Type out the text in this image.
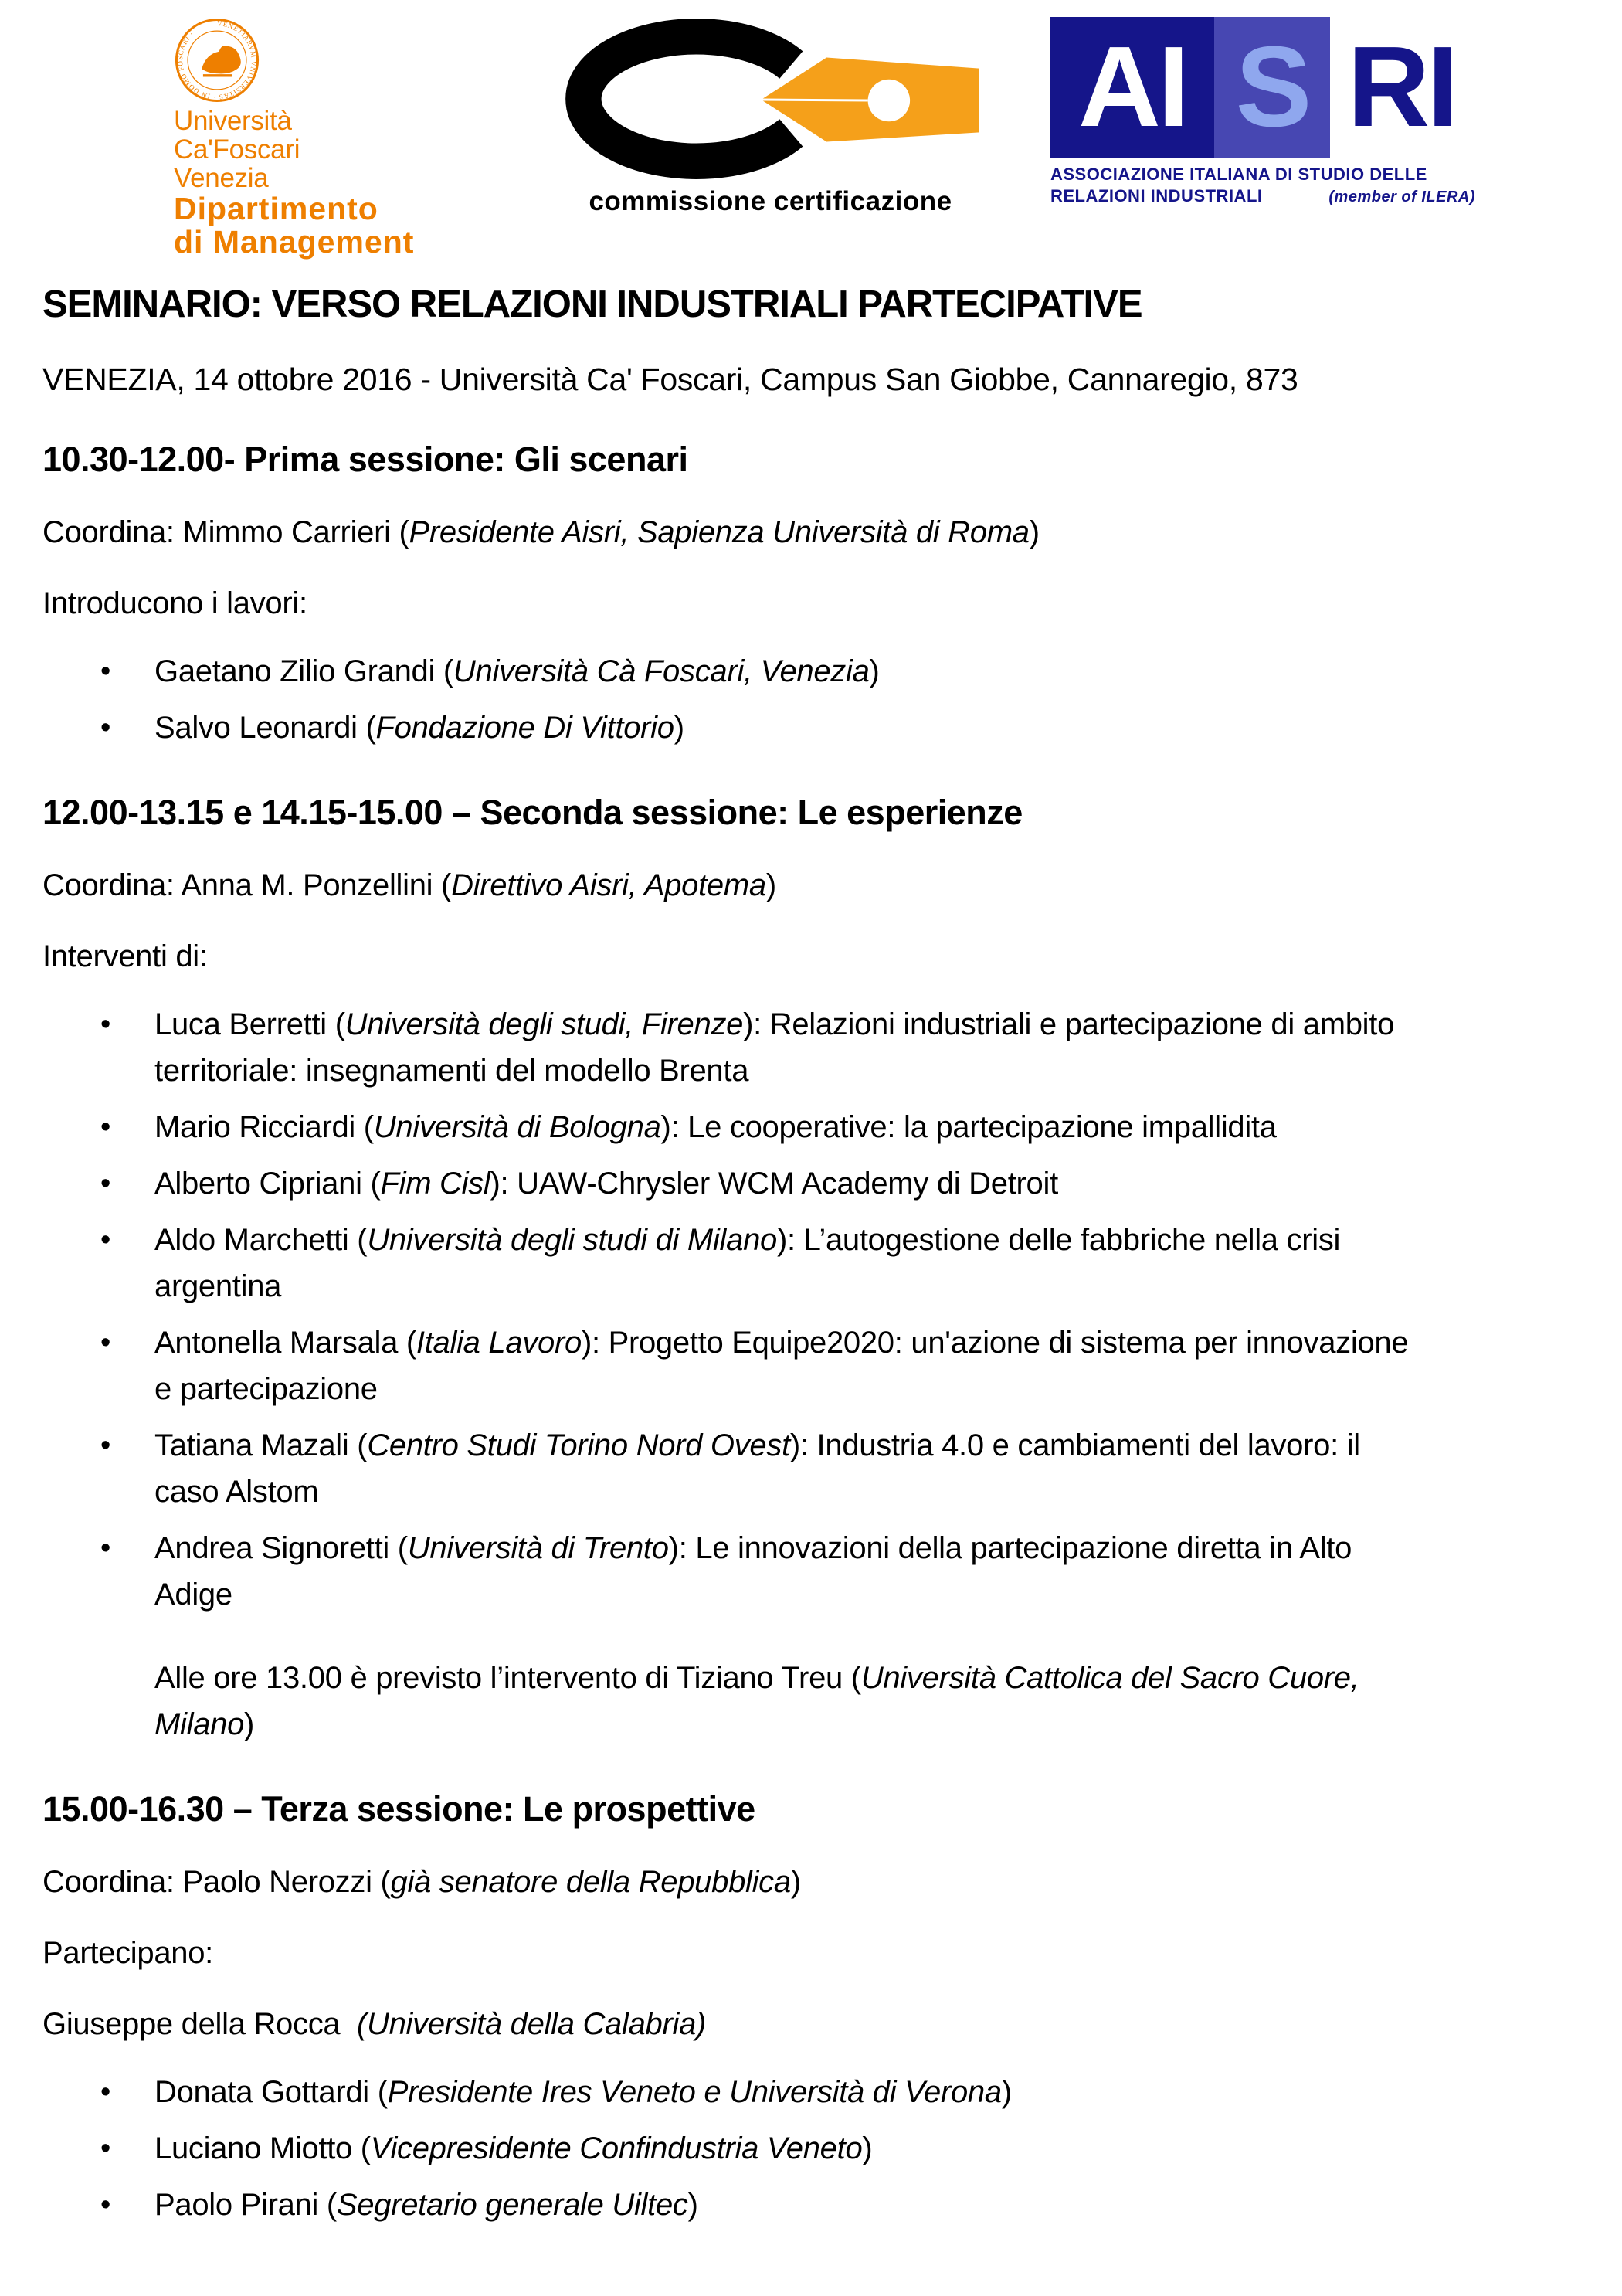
VENETIARVM VNIVERSITAS · IN DOMO FOSCARI ·
Università
Ca'Foscari
Venezia
Dipartimento
di Management
commissione certificazione
AI S RI
ASSOCIAZIONE ITALIANA DI STUDIO DELLE
RELAZIONI INDUSTRIALI	(member of ILERA)
SEMINARIO: VERSO RELAZIONI INDUSTRIALI PARTECIPATIVE

VENEZIA, 14 ottobre 2016 - Università Ca' Foscari, Campus San Giobbe, Cannaregio, 873

10.30-12.00- Prima sessione: Gli scenari

Coordina: Mimmo Carrieri (Presidente Aisri, Sapienza Università di Roma)

Introducono i lavori:

•	Gaetano Zilio Grandi (Università Cà Foscari, Venezia)
•	Salvo Leonardi (Fondazione Di Vittorio)

12.00-13.15 e 14.15-15.00 – Seconda sessione: Le esperienze

Coordina: Anna M. Ponzellini (Direttivo Aisri, Apotema)

Interventi di:

•	Luca Berretti (Università degli studi, Firenze): Relazioni industriali e partecipazione di ambito territoriale: insegnamenti del modello Brenta
•	Mario Ricciardi (Università di Bologna): Le cooperative: la partecipazione impallidita
•	Alberto Cipriani (Fim Cisl): UAW-Chrysler WCM Academy di Detroit
•	Aldo Marchetti (Università degli studi di Milano): L’autogestione delle fabbriche nella crisi argentina
•	Antonella Marsala (Italia Lavoro): Progetto Equipe2020: un'azione di sistema per innovazione  e partecipazione
•	Tatiana Mazali (Centro Studi Torino Nord Ovest): Industria 4.0 e cambiamenti del lavoro: il caso Alstom
•	Andrea Signoretti (Università di Trento): Le innovazioni della partecipazione diretta in Alto Adige

Alle ore 13.00 è previsto l’intervento di Tiziano Treu (Università Cattolica del Sacro Cuore, Milano)

15.00-16.30 – Terza sessione: Le prospettive

Coordina: Paolo Nerozzi (già senatore della Repubblica)

Partecipano:

Giuseppe della Rocca  (Università della Calabria)

•	Donata Gottardi (Presidente Ires Veneto e Università di Verona)
•	Luciano Miotto (Vicepresidente Confindustria Veneto)
•	Paolo Pirani (Segretario generale Uiltec)
